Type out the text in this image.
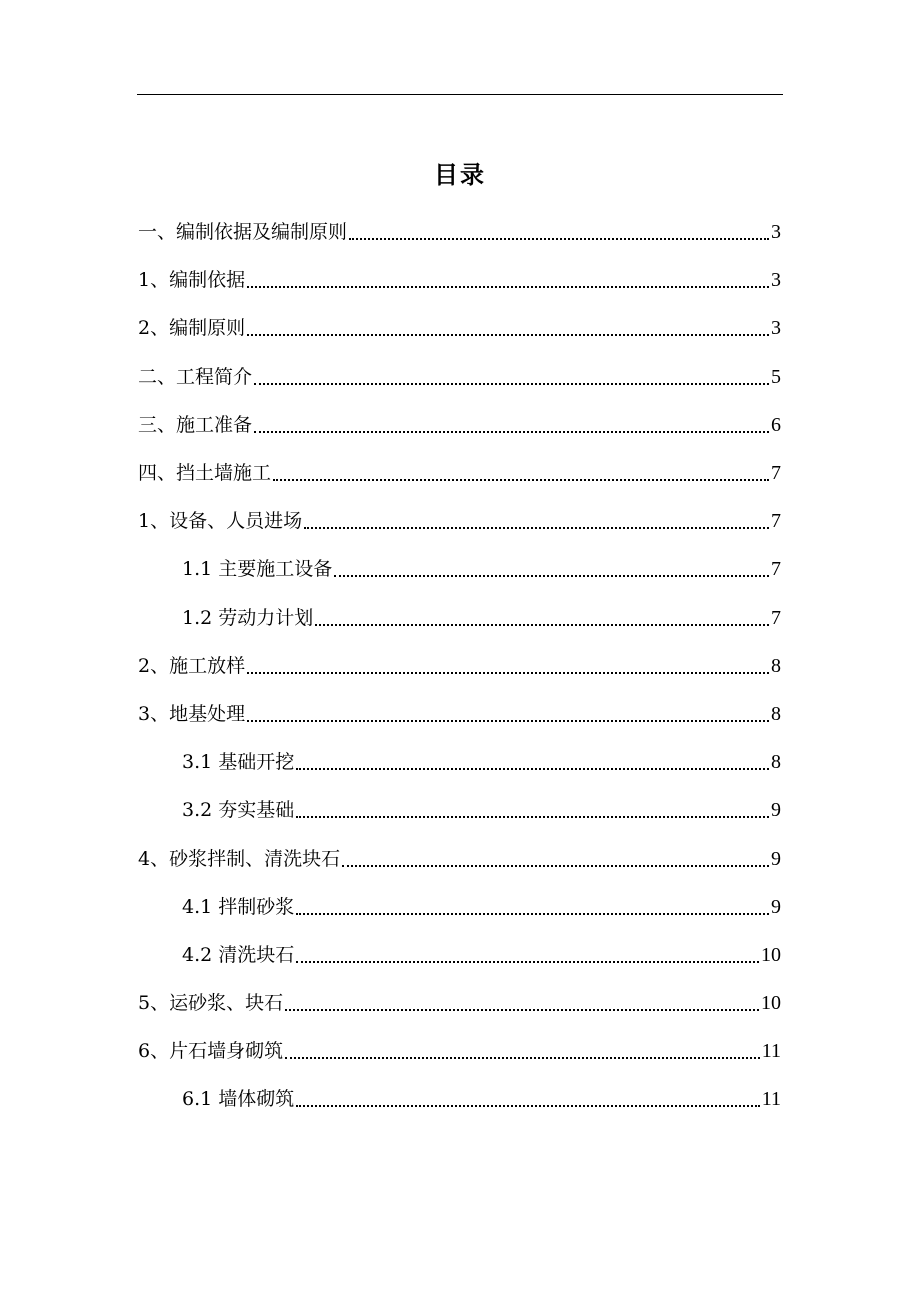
目录
一、编制依据及编制原则	3
1、编制依据	3
2、编制原则	3
二、工程简介	5
三、施工准备	6
四、挡土墙施工	7
1、设备、人员进场	7
1.1 主要施工设备	7
1.2 劳动力计划	7
2、施工放样	8
3、地基处理	8
3.1 基础开挖	8
3.2 夯实基础	9
4、砂浆拌制、清洗块石	9
4.1 拌制砂浆	9
4.2 清洗块石	10
5、运砂浆、块石	10
6、片石墙身砌筑	11
6.1 墙体砌筑	11
